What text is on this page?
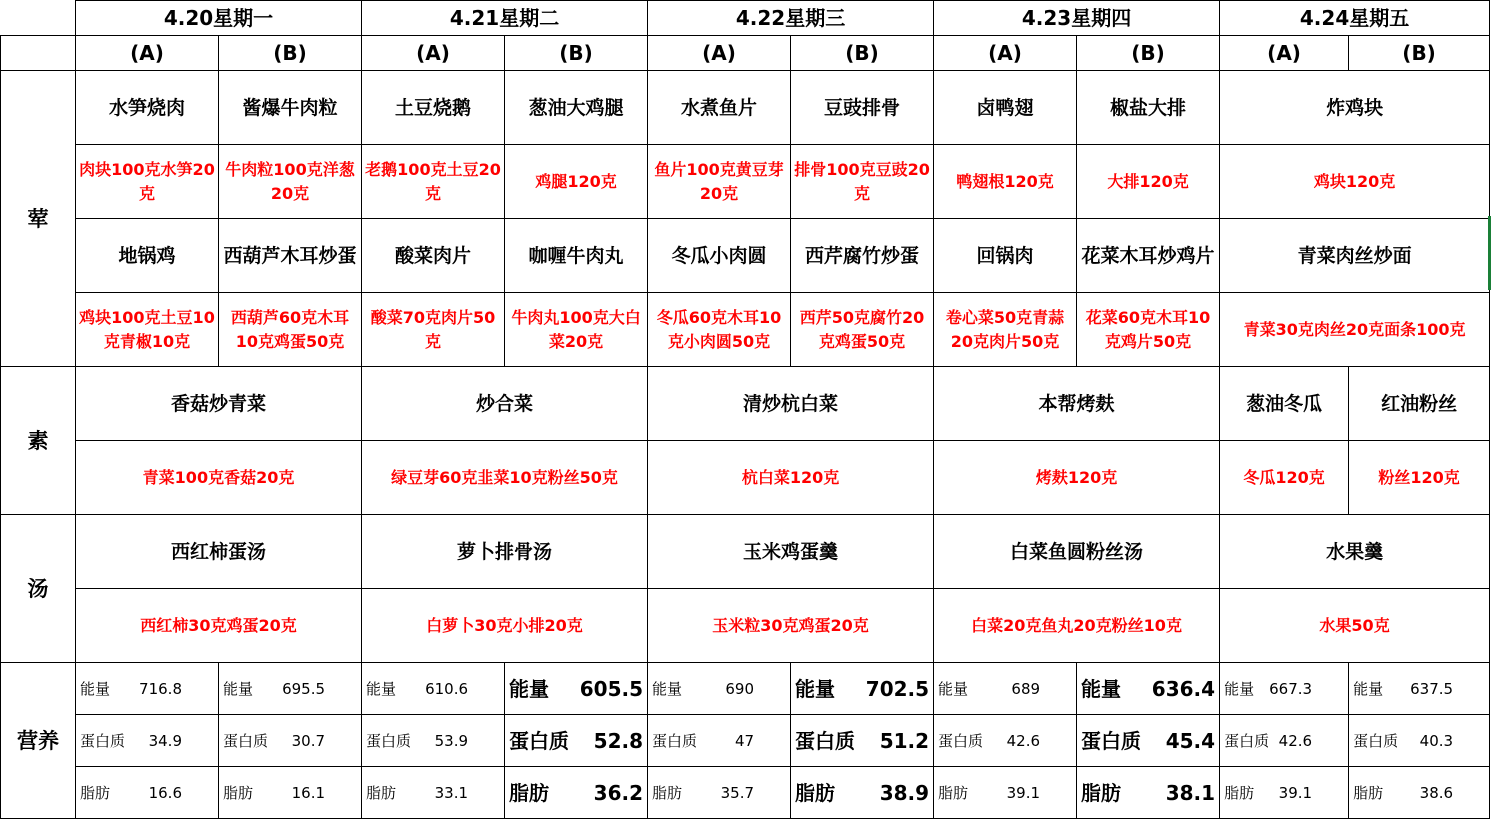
	4.20星期一		4.21星期二		4.22星期三		4.23星期四		4.24星期五	
	(A)	(B)	(A)	(B)	(A)	(B)	(A)	(B)	(A)	(B)
荤	水笋烧肉	酱爆牛肉粒	土豆烧鹅	葱油大鸡腿	水煮鱼片	豆豉排骨	卤鸭翅	椒盐大排	炸鸡块	
	肉块100克水笋20克	牛肉粒100克洋葱20克	老鹅100克土豆20克	鸡腿120克	鱼片100克黄豆芽20克	排骨100克豆豉20克	鸭翅根120克	大排120克	鸡块120克	
	地锅鸡	西葫芦木耳炒蛋	酸菜肉片	咖喱牛肉丸	冬瓜小肉圆	西芹腐竹炒蛋	回锅肉	花菜木耳炒鸡片	青菜肉丝炒面	
	鸡块100克土豆10克青椒10克	西葫芦60克木耳10克鸡蛋50克	酸菜70克肉片50克	牛肉丸100克大白菜20克	冬瓜60克木耳10克小肉圆50克	西芹50克腐竹20克鸡蛋50克	卷心菜50克青蒜20克肉片50克	花菜60克木耳10克鸡片50克	青菜30克肉丝20克面条100克	
素	香菇炒青菜		炒合菜		清炒杭白菜		本帮烤麸		葱油冬瓜	红油粉丝
	青菜100克香菇20克		绿豆芽60克韭菜10克粉丝50克		杭白菜120克		烤麸120克		冬瓜120克	粉丝120克
汤	西红柿蛋汤		萝卜排骨汤		玉米鸡蛋羹		白菜鱼圆粉丝汤		水果羹	
	西红柿30克鸡蛋20克		白萝卜30克小排20克		玉米粒30克鸡蛋20克		白菜20克鱼丸20克粉丝10克		水果50克	
营养	能量 716.8	能量 695.5	能量 610.6	能量 605.5	能量 690	能量 702.5	能量 689	能量 636.4	能量 667.3	能量 637.5

	蛋白质 34.9	蛋白质 30.7	蛋白质 53.9	蛋白质 52.8	蛋白质 47	蛋白质 51.2	蛋白质 42.6	蛋白质 45.4	蛋白质 42.6	蛋白质 40.3

	脂肪 16.6	脂肪 16.1	脂肪 33.1	脂肪 36.2	脂肪 35.7	脂肪 38.9	脂肪 39.1	脂肪 38.1	脂肪 39.1	脂肪 38.6
